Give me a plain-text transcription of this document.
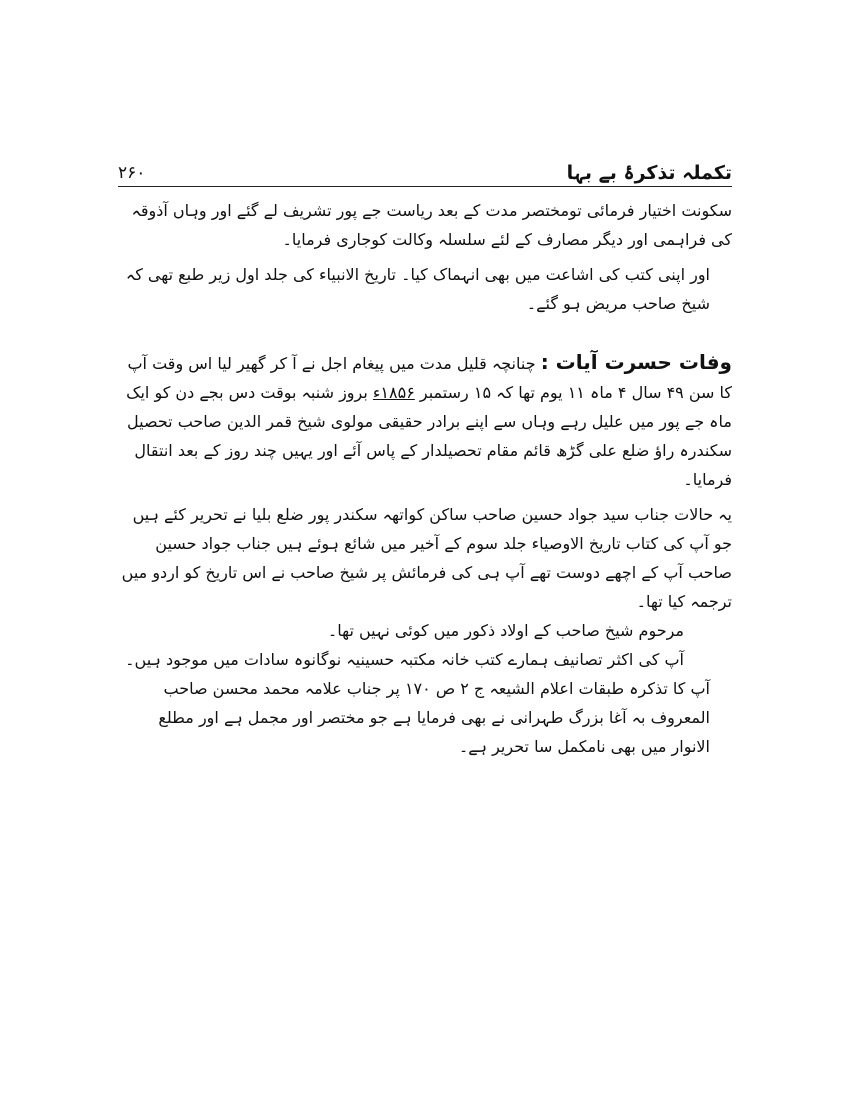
۲۶۰	تکملہ تذکرۂ بے بہا

سکونت اختیار فرمائی تومختصر مدت کے بعد ریاست جے پور تشریف لے گئے اور وہاں آذوقہ کی فراہمی اور دیگر مصارف کے لئے سلسلہ وکالت کوجاری فرمایا۔

اور اپنی کتب کی اشاعت میں بھی انہماک کیا۔ تاریخ الانبیاء کی جلد اول زیر طبع تھی کہ شیخ صاحب مریض ہو گئے۔

وفات حسرت آیات : چنانچہ قلیل مدت میں پیغام اجل نے آ کر گھیر لیا اس وقت آپ کا سن ۴۹ سال ۴ ماہ ۱۱ یوم تھا کہ ۱۵ رستمبر ۱۸۵۶ء بروز شنبہ بوقت دس بجے دن کو ایک ماہ جے پور میں علیل رہے وہاں سے اپنے برادر حقیقی مولوی شیخ قمر الدین صاحب تحصیل سکندرہ راؤ ضلع علی گڑھ قائم مقام تحصیلدار کے پاس آئے اور یہیں چند روز کے بعد انتقال فرمایا۔

یہ حالات جناب سید جواد حسین صاحب ساکن کواتھہ سکندر پور ضلع بلیا نے تحریر کئے ہیں جو آپ کی کتاب تاریخ الاوصیاء جلد سوم کے آخیر میں شائع ہوئے ہیں جناب جواد حسین صاحب آپ کے اچھے دوست تھے آپ ہی کی فرمائش پر شیخ صاحب نے اس تاریخ کو اردو میں ترجمہ کیا تھا۔

مرحوم شیخ صاحب کے اولاد ذکور میں کوئی نہیں تھا۔

آپ کی اکثر تصانیف ہمارے کتب خانہ مکتبہ حسینیہ نوگانوہ سادات میں موجود ہیں۔

آپ کا تذکرہ طبقات اعلام الشیعہ ج ۲ ص ۱۷۰ پر جناب علامہ محمد محسن صاحب المعروف بہ آغا بزرگ طہرانی نے بھی فرمایا ہے جو مختصر اور مجمل ہے اور مطلع الانوار میں بھی نامکمل سا تحریر ہے۔
